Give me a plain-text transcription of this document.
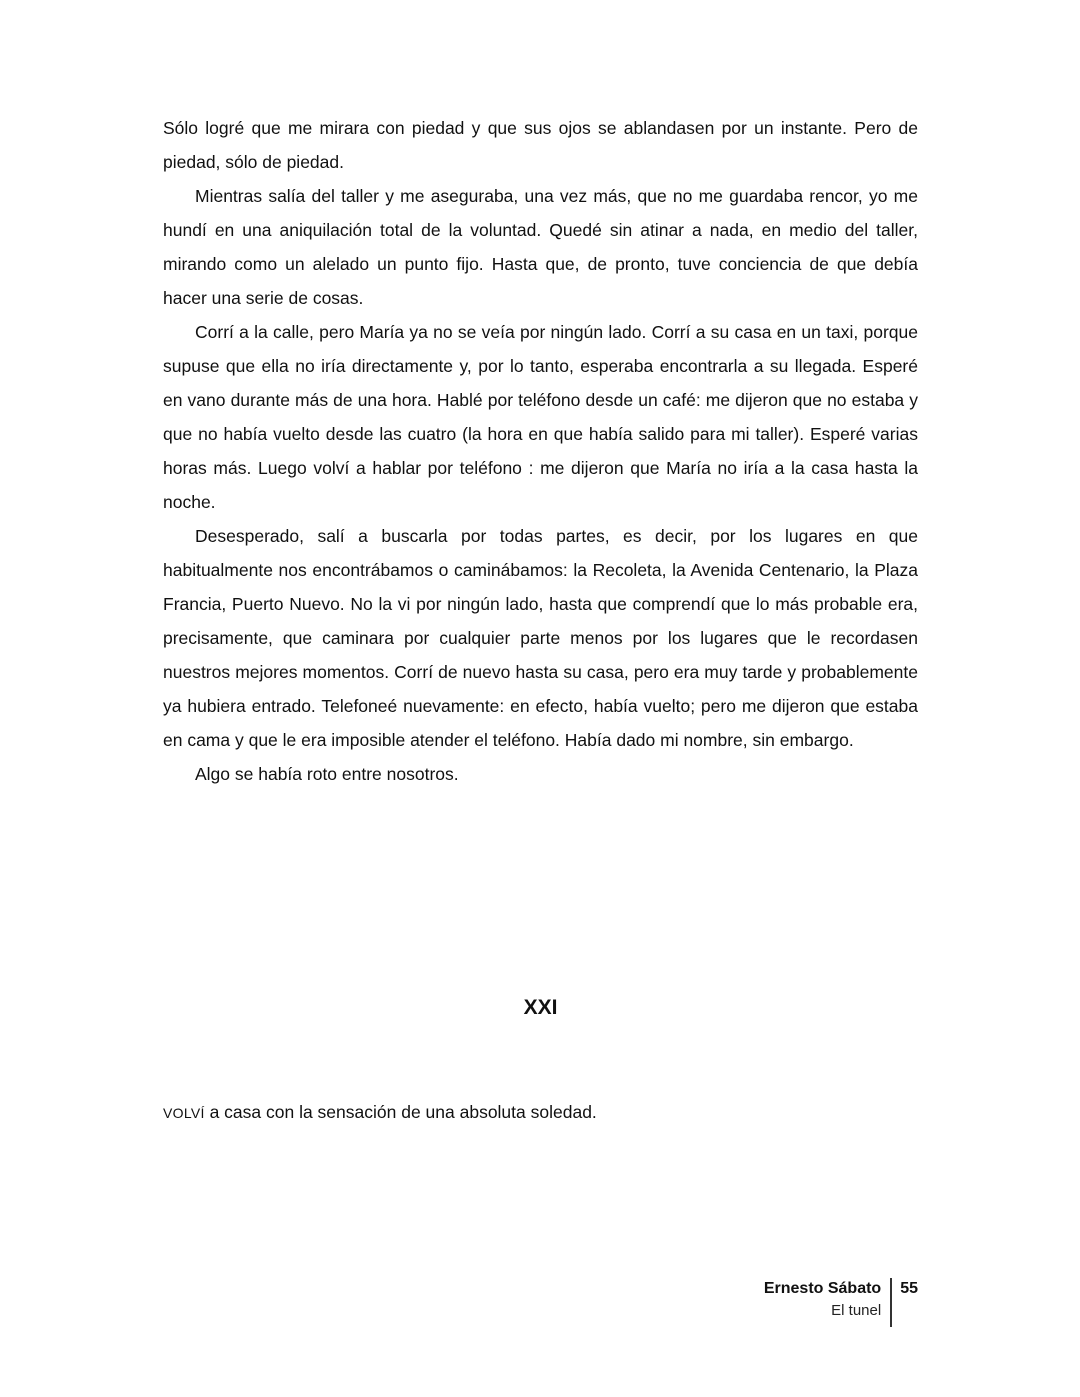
Sólo logré que me mirara con piedad y que sus ojos se ablandasen por un instante. Pero de piedad, sólo de piedad.

Mientras salía del taller y me aseguraba, una vez más, que no me guardaba rencor, yo me hundí en una aniquilación total de la voluntad. Quedé sin atinar a nada, en medio del taller, mirando como un alelado un punto fijo. Hasta que, de pronto, tuve conciencia de que debía hacer una serie de cosas.

Corrí a la calle, pero María ya no se veía por ningún lado. Corrí a su casa en un taxi, porque supuse que ella no iría directamente y, por lo tanto, esperaba encontrarla a su llegada. Esperé en vano durante más de una hora. Hablé por teléfono desde un café: me dijeron que no estaba y que no había vuelto desde las cuatro (la hora en que había salido para mi taller). Esperé varias horas más. Luego volví a hablar por teléfono : me dijeron que María no iría a la casa hasta la noche.

Desesperado, salí a buscarla por todas partes, es decir, por los lugares en que habitualmente nos encontrábamos o caminábamos: la Recoleta, la Avenida Centenario, la Plaza Francia, Puerto Nuevo. No la vi por ningún lado, hasta que comprendí que lo más probable era, precisamente, que caminara por cualquier parte menos por los lugares que le recordasen nuestros mejores momentos. Corrí de nuevo hasta su casa, pero era muy tarde y probablemente ya hubiera entrado. Telefoneé nuevamente: en efecto, había vuelto; pero me dijeron que estaba en cama y que le era imposible atender el teléfono. Había dado mi nombre, sin embargo.

Algo se había roto entre nosotros.

XXI

VOLVÍ a casa con la sensación de una absoluta soledad.

Ernesto Sábato
El tunel
55
